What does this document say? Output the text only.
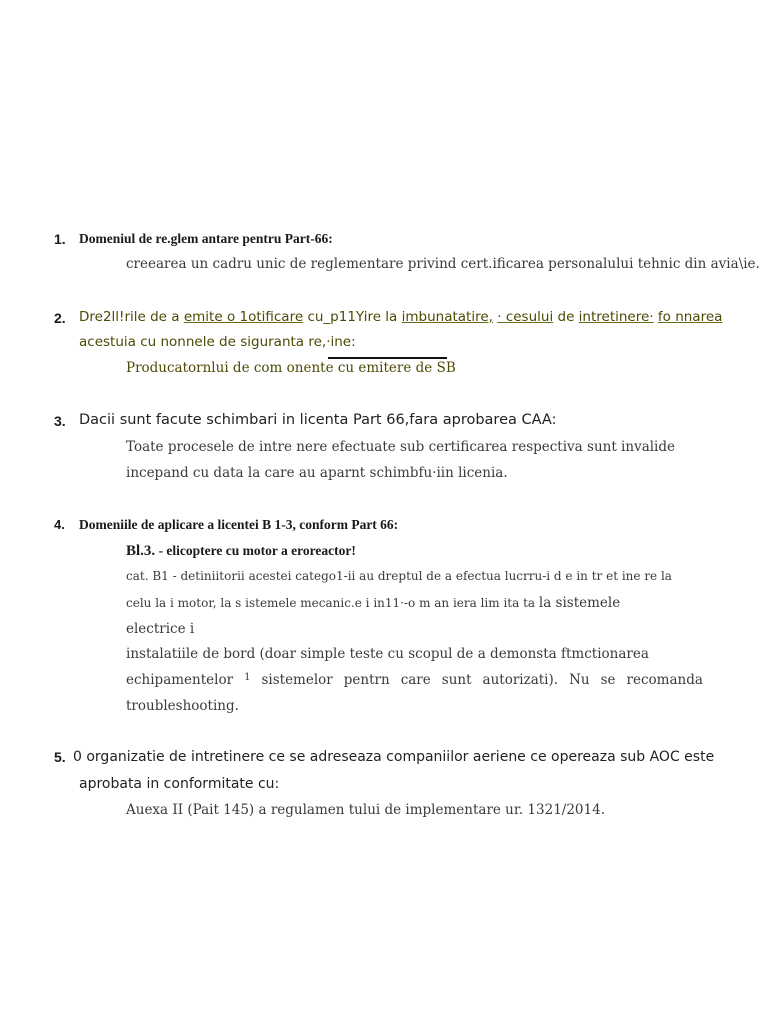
1. Domeniul de re.glem antare pentru Part-66:
creearea un cadru unic de reglementare privind cert.ificarea personalului tehnic din avia\ie.
2. Dre2ll!rile de a emite o 1otificare cu_p11Yire la imbunatatire, · cesului de intretinere· fo nnarea
acestuia cu nonnele de siguranta re,·ine:
Producatornlui de com onente cu emitere de SB
3. Dacii sunt facute schimbari in licenta Part 66,fara aprobarea CAA:
Toate procesele de intre nere efectuate sub certificarea respectiva sunt invalide
incepand cu data la care au aparnt schimbfu·iin licenia.
4. Domeniile de aplicare a licentei B 1-3, conform Part 66:
Bl.3. - elicoptere cu motor a eroreactor!
cat. B1 - detiniitorii acestei catego1-ii au dreptul de a efectua lucrru-i d e in tr et ine re la
celu la i motor, la s istemele mecanic.e i in11·-o m an iera lim ita ta la sistemele
electrice i
instalatiile de bord (doar simple teste cu scopul de a demonsta ftmctionarea
echipamentelor 1 sistemelor pentrn care sunt autorizati). Nu se recomanda
troubleshooting.
5. 0 organizatie de intretinere ce se adreseaza companiilor aeriene ce opereaza sub AOC este
aprobata in conformitate cu:
Auexa II (Pait 145) a regulamen tului de implementare ur. 1321/2014.
